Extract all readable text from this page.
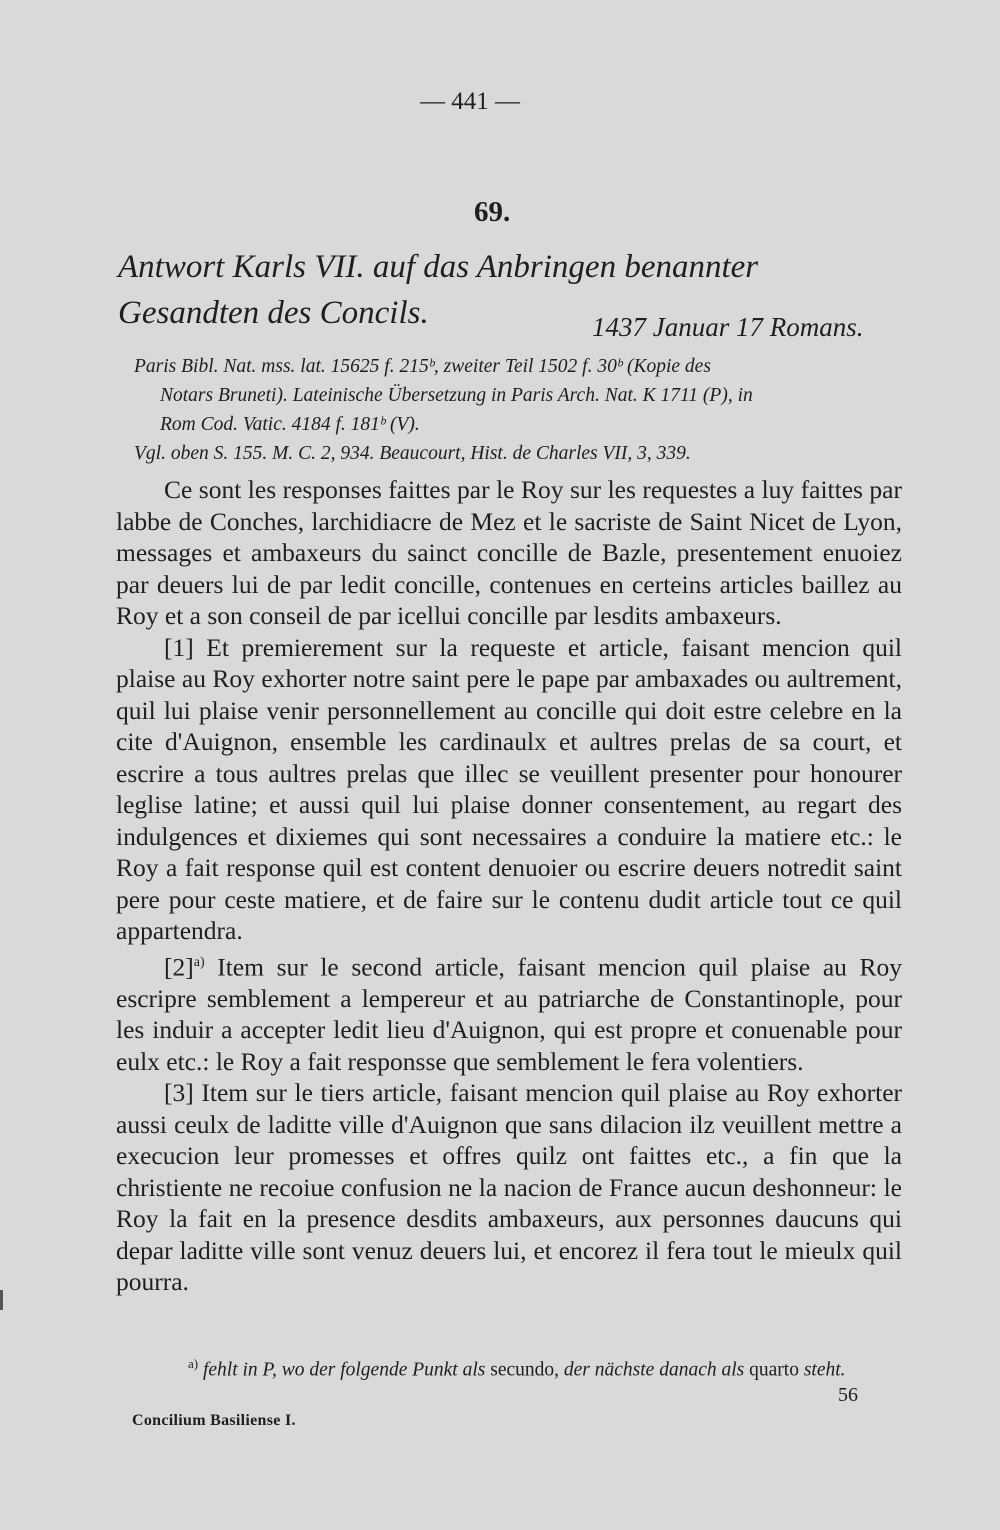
— 441 —
69.
Antwort Karls VII. auf das Anbringen benannter Gesandten des Concils.	1437 Januar 17 Romans.
Paris Bibl. Nat. mss. lat. 15625 f. 215ᵇ, zweiter Teil 1502 f. 30ᵇ (Kopie des
Notars Bruneti). Lateinische Übersetzung in Paris Arch. Nat. K 1711 (P), in
Rom Cod. Vatic. 4184 f. 181ᵇ (V).
Vgl. oben S. 155. M. C. 2, 934. Beaucourt, Hist. de Charles VII, 3, 339.

Ce sont les responses faittes par le Roy sur les requestes a luy faittes par labbe de Conches, larchidiacre de Mez et le sacriste de Saint Nicet de Lyon, messages et ambaxeurs du sainct concille de Bazle, presentement enuoiez par deuers lui de par ledit concille, contenues en certeins articles baillez au Roy et a son conseil de par icellui concille par lesdits ambaxeurs.

[1] Et premierement sur la requeste et article, faisant mencion quil plaise au Roy exhorter notre saint pere le pape par ambaxades ou aultrement, quil lui plaise venir personnellement au concille qui doit estre celebre en la cite d'Auignon, ensemble les cardinaulx et aultres prelas de sa court, et escrire a tous aultres prelas que illec se veuillent presenter pour honourer leglise latine; et aussi quil lui plaise donner consentement, au regart des indulgences et dixiemes qui sont necessaires a conduire la matiere etc.: le Roy a fait response quil est content denuoier ou escrire deuers notredit saint pere pour ceste matiere, et de faire sur le contenu dudit article tout ce quil appartendra.

$[2]^{a)}$ Item sur le second article, faisant mencion quil plaise au Roy escripre semblement a lempereur et au patriarche de Constantinople, pour les induir a accepter ledit lieu d'Auignon, qui est propre et conuenable pour eulx etc.: le Roy a fait responsse que semblement le fera volentiers.

[3] Item sur le tiers article, faisant mencion quil plaise au Roy exhorter aussi ceulx de laditte ville d'Auignon que sans dilacion ilz veuillent mettre a execucion leur promesses et offres quilz ont faittes etc., a fin que la christiente ne recoiue confusion ne la nacion de France aucun deshonneur: le Roy la fait en la presence desdits ambaxeurs, aux personnes daucuns qui depar laditte ville sont venuz deuers lui, et encorez il fera tout le mieulx quil pourra.

$^{a)}$ fehlt in P, wo der folgende Punkt als secundo, der nächste danach als quarto steht.
56
Concilium Basiliense I.
